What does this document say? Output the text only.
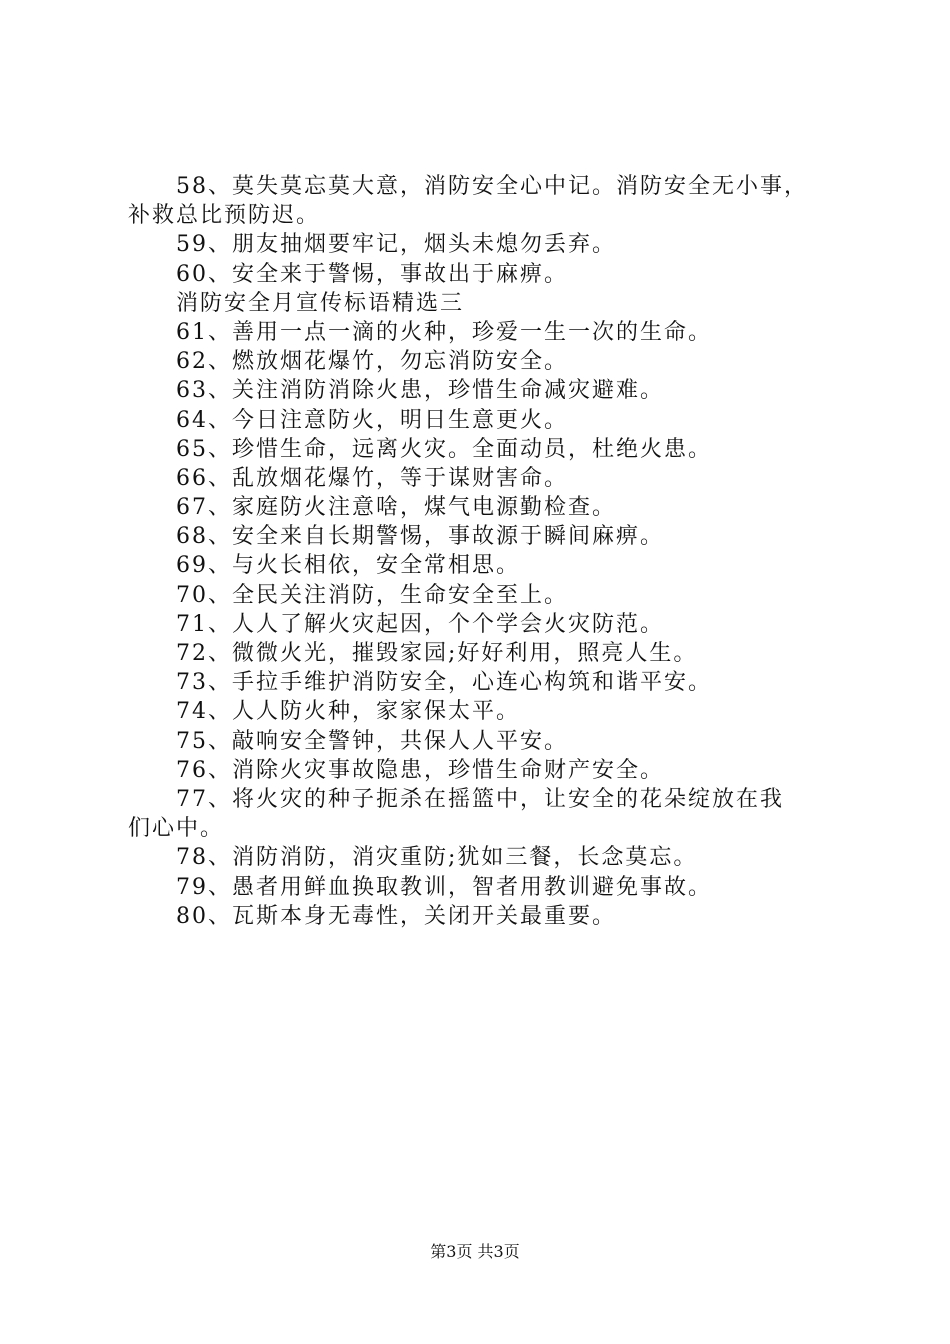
58、莫失莫忘莫大意，消防安全心中记。消防安全无小事，
补救总比预防迟。
59、朋友抽烟要牢记，烟头未熄勿丢弃。
60、安全来于警惕，事故出于麻痹。
消防安全月宣传标语精选三
61、善用一点一滴的火种，珍爱一生一次的生命。
62、燃放烟花爆竹，勿忘消防安全。
63、关注消防消除火患，珍惜生命减灾避难。
64、今日注意防火，明日生意更火。
65、珍惜生命，远离火灾。全面动员，杜绝火患。
66、乱放烟花爆竹，等于谋财害命。
67、家庭防火注意啥，煤气电源勤检查。
68、安全来自长期警惕，事故源于瞬间麻痹。
69、与火长相依，安全常相思。
70、全民关注消防，生命安全至上。
71、人人了解火灾起因，个个学会火灾防范。
72、微微火光，摧毁家园;好好利用，照亮人生。
73、手拉手维护消防安全，心连心构筑和谐平安。
74、人人防火种，家家保太平。
75、敲响安全警钟，共保人人平安。
76、消除火灾事故隐患，珍惜生命财产安全。
77、将火灾的种子扼杀在摇篮中，让安全的花朵绽放在我
们心中。
78、消防消防，消灾重防;犹如三餐，长念莫忘。
79、愚者用鲜血换取教训，智者用教训避免事故。
80、瓦斯本身无毒性，关闭开关最重要。
第3页 共3页
